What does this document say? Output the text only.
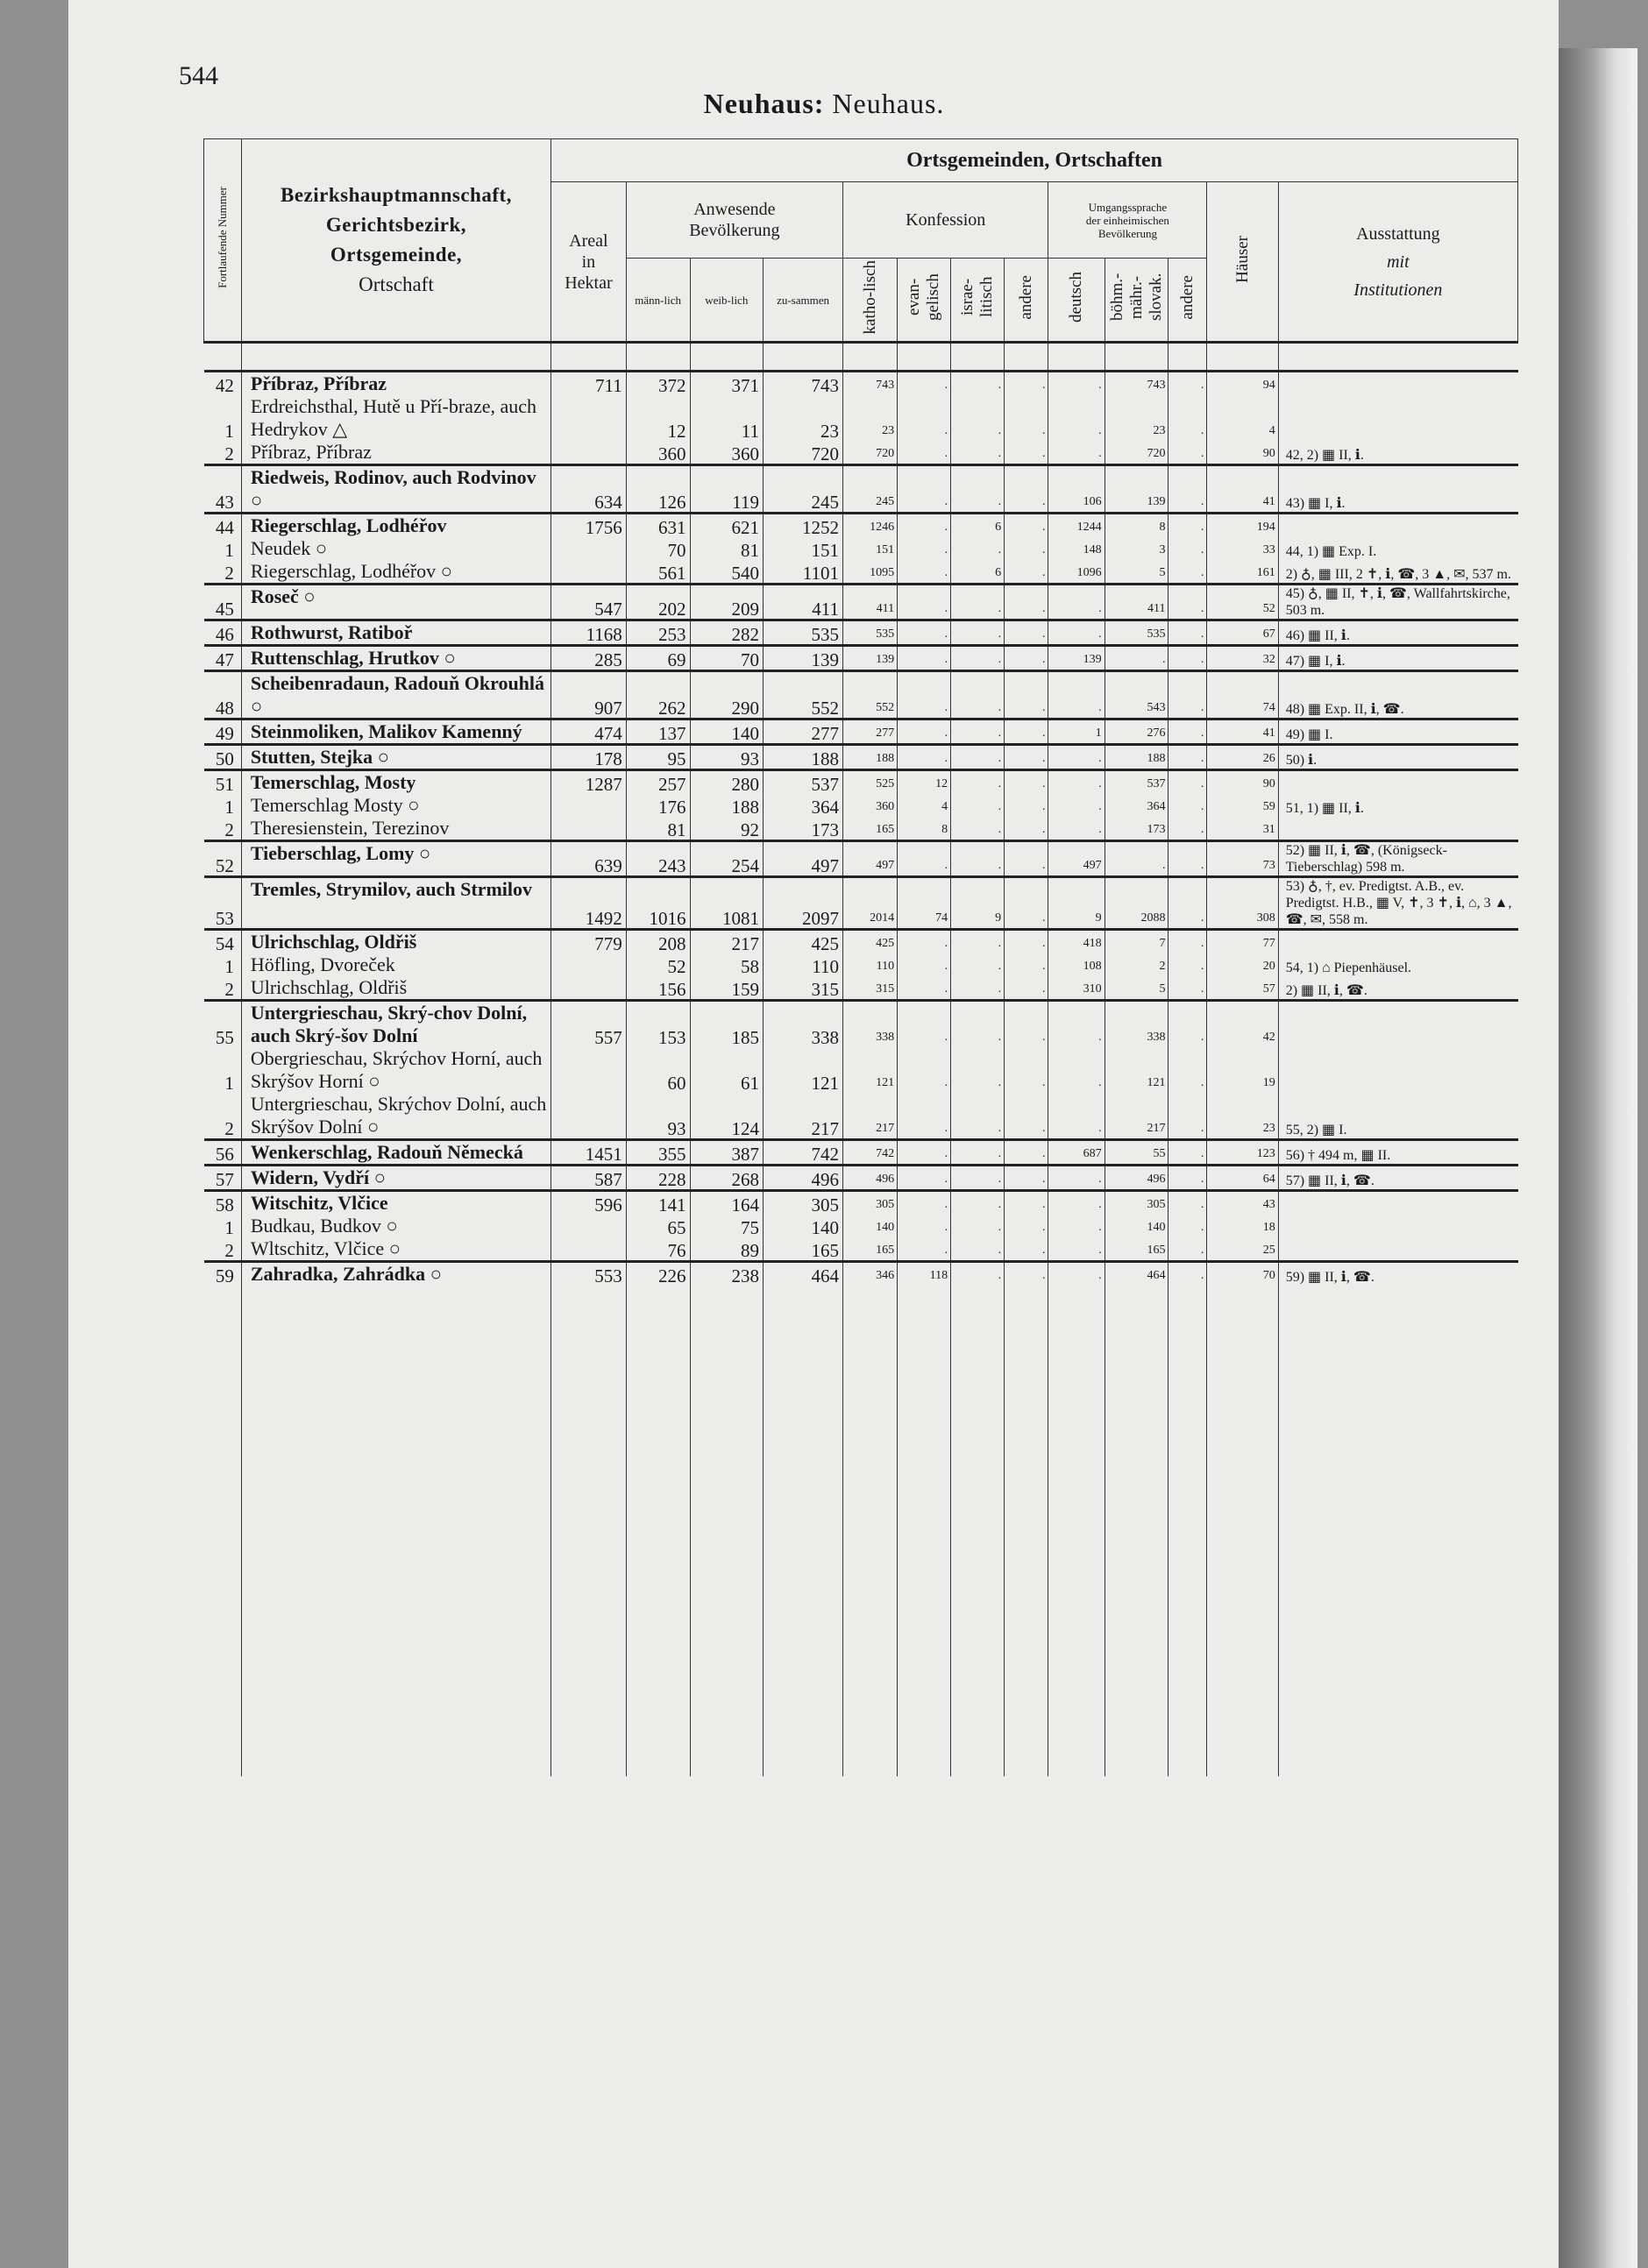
544
Neuhaus: Neuhaus.
Fortlaufende Nummer	Bezirkshauptmannschaft,
Gerichtsbezirk,
Ortsgemeinde,
Ortschaft	Ortsgemeinden, Ortschaften												
		Areal
in
Hektar	Anwesende
Bevölkerung			Konfession				Umgangssprache
der einheimischen
Bevölkerung			Häuser	Ausstattung
mit
Institutionen
			männ-lich	weib-lich	zu-sammen	katho-lisch	evan-gelisch	israe-litisch	andere	deutsch	böhm.-mähr.-slovak.	andere		

42	Příbraz, Příbraz	711	372	371	743	743	.	.	.	.	743	.	94	
1	Erdreichsthal, Hutě u Pří-braze, auch Hedrykov △		12	11	23	23	.	.	.	.	23	.	4	
2	Příbraz, Příbraz		360	360	720	720	.	.	.	.	720	.	90	42, 2) ▦ II, ℹ.
43	Riedweis, Rodinov, auch Rodvinov ○	634	126	119	245	245	.	.	.	106	139	.	41	43) ▦ I, ℹ.
44	Riegerschlag, Lodhéřov	1756	631	621	1252	1246	.	6	.	1244	8	.	194	
1	Neudek ○		70	81	151	151	.	.	.	148	3	.	33	44, 1) ▦ Exp. I.
2	Riegerschlag, Lodhéřov ○		561	540	1101	1095	.	6	.	1096	5	.	161	2) ♁, ▦ III, 2 ✝, ℹ, ☎, 3 ▲, ✉, 537 m.
45	Roseč ○	547	202	209	411	411	.	.	.	.	411	.	52	45) ♁, ▦ II, ✝, ℹ, ☎, Wallfahrtskirche, 503 m.
46	Rothwurst, Ratibоř	1168	253	282	535	535	.	.	.	.	535	.	67	46) ▦ II, ℹ.
47	Ruttenschlag, Hrutkov ○	285	69	70	139	139	.	.	.	139	.	.	32	47) ▦ I, ℹ.
48	Scheibenradaun, Radouň Okrouhlá ○	907	262	290	552	552	.	.	.	.	543	.	74	48) ▦ Exp. II, ℹ, ☎.
49	Steinmoliken, Malikov Kamenný	474	137	140	277	277	.	.	.	1	276	.	41	49) ▦ I.
50	Stutten, Stejka ○	178	95	93	188	188	.	.	.	.	188	.	26	50) ℹ.
51	Temerschlag, Mosty	1287	257	280	537	525	12	.	.	.	537	.	90	
1	Temerschlag Mosty ○		176	188	364	360	4	.	.	.	364	.	59	51, 1) ▦ II, ℹ.
2	Theresienstein, Terezinov		81	92	173	165	8	.	.	.	173	.	31	
52	Tieberschlag, Lomy ○	639	243	254	497	497	.	.	.	497	.	.	73	52) ▦ II, ℹ, ☎, (Königseck-Tieberschlag) 598 m.
53	Tremles, Strymilov, auch Strmilov	1492	1016	1081	2097	2014	74	9	.	9	2088	.	308	53) ♁, †, ev. Predigtst. A.B., ev. Predigtst. H.B., ▦ V, ✝, 3 ✝, ℹ, ⌂, 3 ▲, ☎, ✉, 558 m.
54	Ulrichschlag, Oldřiš	779	208	217	425	425	.	.	.	418	7	.	77	
1	Höfling, Dvoreček		52	58	110	110	.	.	.	108	2	.	20	54, 1) ⌂ Piepenhäusel.
2	Ulrichschlag, Oldřiš		156	159	315	315	.	.	.	310	5	.	57	2) ▦ II, ℹ, ☎.
55	Untergrieschau, Skrý-chov Dolní, auch Skrý-šov Dolní	557	153	185	338	338	.	.	.	.	338	.	42	
1	Obergrieschau, Skrýchov Horní, auch Skrýšov Horní ○		60	61	121	121	.	.	.	.	121	.	19	
2	Untergrieschau, Skrýchov Dolní, auch Skrýšov Dolní ○		93	124	217	217	.	.	.	.	217	.	23	55, 2) ▦ I.
56	Wenkerschlag, Radouň Německá	1451	355	387	742	742	.	.	.	687	55	.	123	56) † 494 m, ▦ II.
57	Widern, Vydří ○	587	228	268	496	496	.	.	.	.	496	.	64	57) ▦ II, ℹ, ☎.
58	Witschitz, Vlčice	596	141	164	305	305	.	.	.	.	305	.	43	
1	Budkau, Budkov ○		65	75	140	140	.	.	.	.	140	.	18	
2	Wltschitz, Vlčice ○		76	89	165	165	.	.	.	.	165	.	25	
59	Zahradka, Zahrádka ○	553	226	238	464	346	118	.	.	.	464	.	70	59) ▦ II, ℹ, ☎.
